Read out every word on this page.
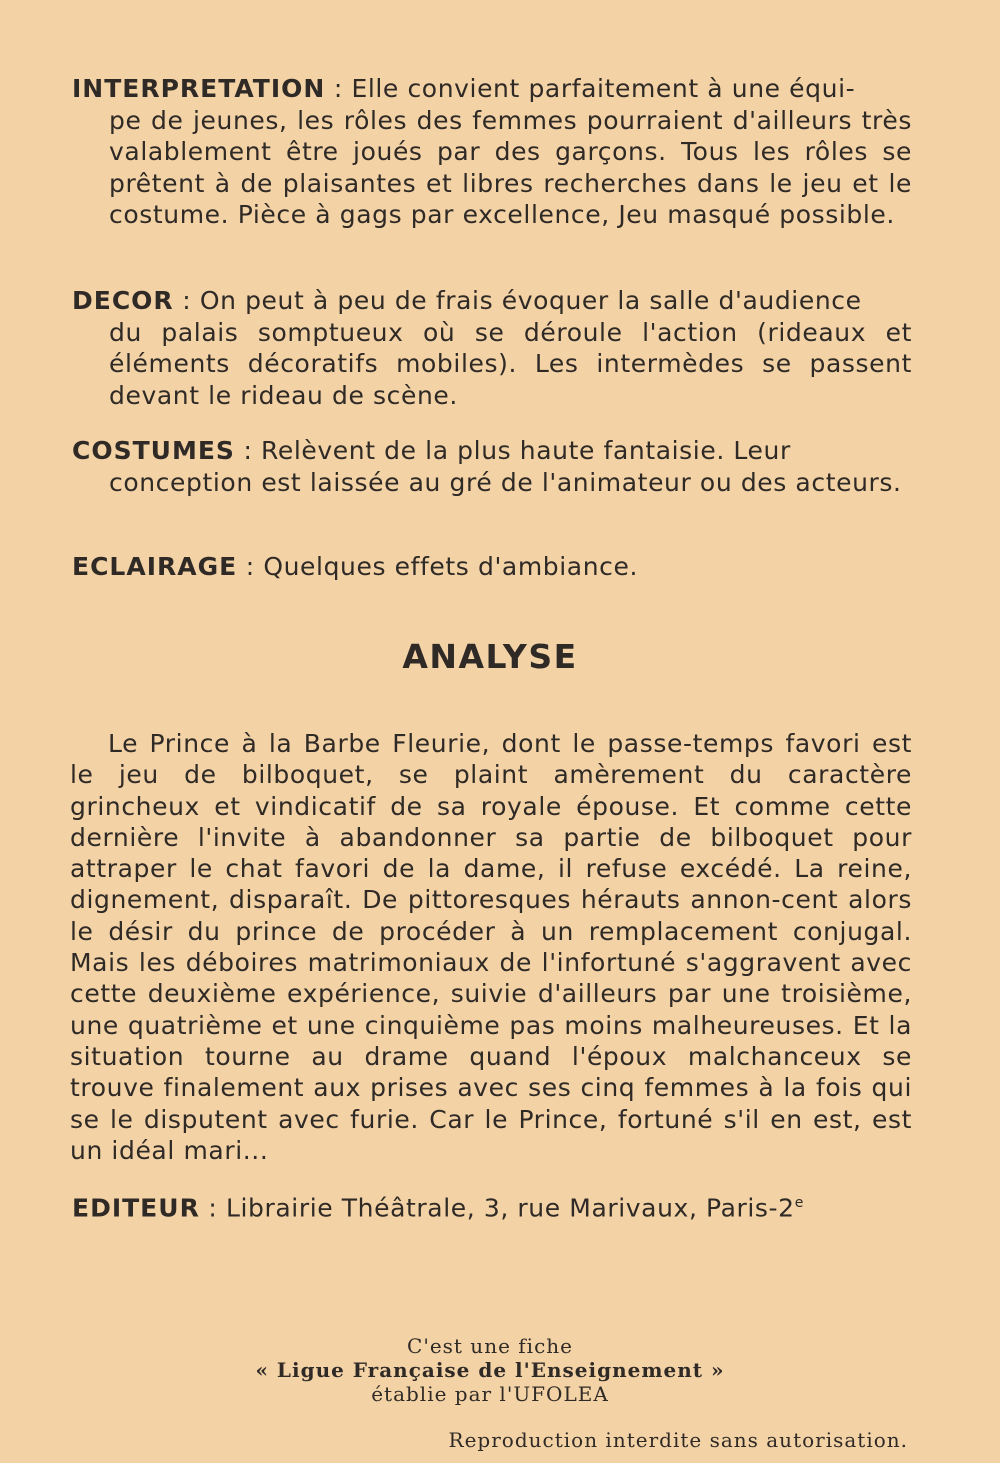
INTERPRETATION : Elle convient parfaitement à une équi-
pe de jeunes, les rôles des femmes pourraient d'ailleurs très valablement être joués par des garçons. Tous les rôles se prêtent à de plaisantes et libres recherches dans le jeu et le costume. Pièce à gags par excellence, Jeu masqué possible.
DECOR : On peut à peu de frais évoquer la salle d'audience
du palais somptueux où se déroule l'action (rideaux et éléments décoratifs mobiles). Les intermèdes se passent devant le rideau de scène.
COSTUMES : Relèvent de la plus haute fantaisie. Leur
conception est laissée au gré de l'animateur ou des acteurs.
ECLAIRAGE : Quelques effets d'ambiance.
ANALYSE

Le Prince à la Barbe Fleurie, dont le passe-temps favori est le jeu de bilboquet, se plaint amèrement du caractère grincheux et vindicatif de sa royale épouse. Et comme cette dernière l'invite à abandonner sa partie de bilboquet pour attraper le chat favori de la dame, il refuse excédé. La reine, dignement, disparaît. De pittoresques hérauts annon-cent alors le désir du prince de procéder à un remplacement conjugal. Mais les déboires matrimoniaux de l'infortuné s'aggravent avec cette deuxième expérience, suivie d'ailleurs par une troisième, une quatrième et une cinquième pas moins malheureuses. Et la situation tourne au drame quand l'époux malchanceux se trouve finalement aux prises avec ses cinq femmes à la fois qui se le disputent avec furie. Car le Prince, fortuné s'il en est, est un idéal mari...

EDITEUR : Librairie Théâtrale, 3, rue Marivaux, Paris-2e
C'est une fiche
« Ligue Française de l'Enseignement »
établie par l'UFOLEA
Reproduction interdite sans autorisation.
